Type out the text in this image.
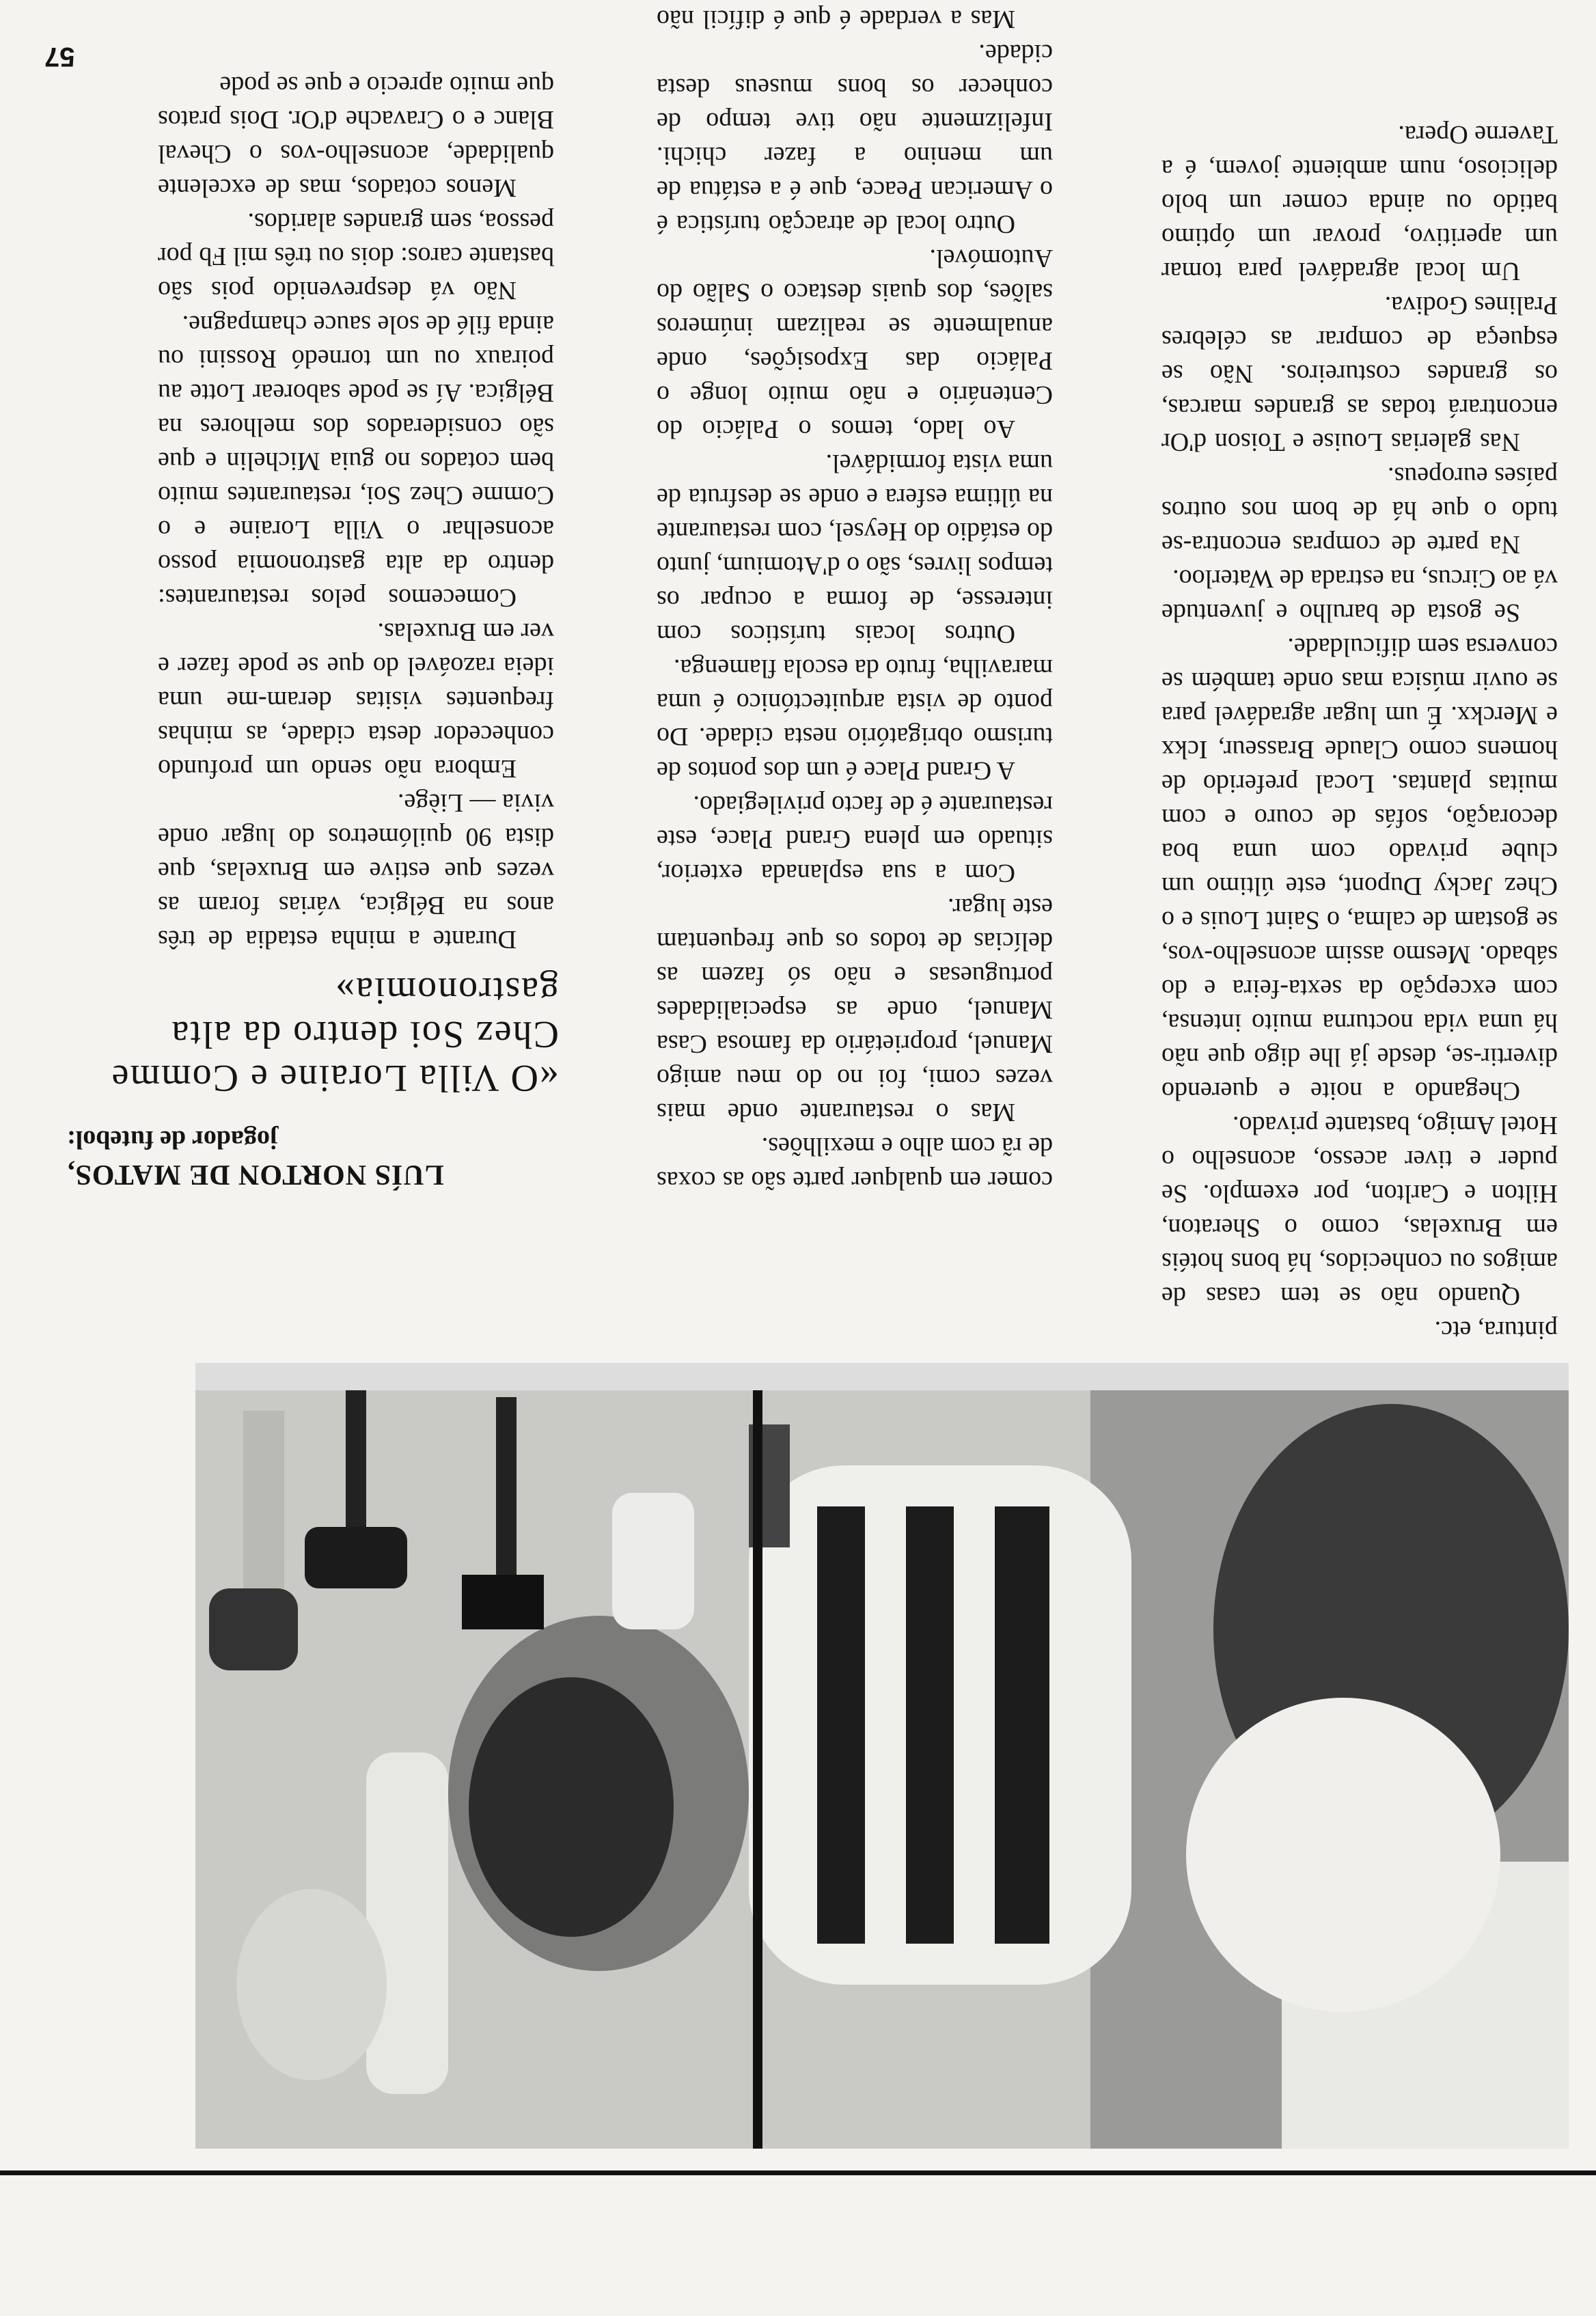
LUÍS NORTON DE MATOS,
jogador de futebol:
«O Villa Loraine e Comme Chez Soi dentro da alta gastronomia»

Durante a minha estadia de três anos na Bélgica, várias foram as vezes que estive em Bruxelas, que dista 90 quilómetros do lugar onde vivia — Liège.

Embora não sendo um profundo conhecedor desta cidade, as minhas frequentes visitas deram-me uma ideia razoável do que se pode fazer e ver em Bruxelas.

Comecemos pelos restaurantes: dentro da alta gastronomia posso aconselhar o Villa Loraine e o Comme Chez Soi, restaurantes muito bem cotados no guia Michelin e que são considerados dos melhores na Bélgica. Aí se pode saborear Lotte au poiraux ou um tornedó Rossini ou ainda filé de sole sauce champagne.

Não vá desprevenido pois são bastante caros: dois ou três mil Fb por pessoa, sem grandes alaridos.

Menos cotados, mas de excelente qualidade, aconselho-vos o Cheval Blanc e o Cravache d'Or. Dois pratos que muito aprecio e que se pode

comer em qualquer parte são as coxas de rã com alho e mexilhões.

Mas o restaurante onde mais vezes comi, foi no do meu amigo Manuel, proprietário da famosa Casa Manuel, onde as especialidades portuguesas e não só fazem as delícias de todos os que frequentam este lugar.

Com a sua esplanada exterior, situado em plena Grand Place, este restaurante é de facto privilegiado.

A Grand Place é um dos pontos de turismo obrigatório nesta cidade. Do ponto de vista arquitectónico é uma maravilha, fruto da escola flamenga.

Outros locais turísticos com interesse, de forma a ocupar os tempos livres, são o d'Atomium, junto do estádio do Heysel, com restaurante na última esfera e onde se desfruta de uma vista formidável.

Ao lado, temos o Palácio do Centenário e não muito longe o Palácio das Exposições, onde anualmente se realizam inúmeros salões, dos quais destaco o Salão do Automóvel.

Outro local de atracção turística é o American Peace, que é a estátua de um menino a fazer chichi. Infelizmente não tive tempo de conhecer os bons museus desta cidade.

Mas a verdade é que é difícil não

pintura, etc.

Quando não se tem casas de amigos ou conhecidos, há bons hotéis em Bruxelas, como o Sheraton, Hilton e Carlton, por exemplo. Se puder e tiver acesso, aconselho o Hotel Amigo, bastante privado.

Chegando a noite e querendo divertir-se, desde já lhe digo que não há uma vida nocturna muito intensa, com excepção da sexta-feira e do sábado. Mesmo assim aconselho-vos, se gostam de calma, o Saint Louis e o Chez Jacky Dupont, este último um clube privado com uma boa decoração, sofás de couro e com muitas plantas. Local preferido de homens como Claude Brasseur, Ickx e Merckx. É um lugar agradável para se ouvir música mas onde também se conversa sem dificuldade.

Se gosta de barulho e juventude vá ao Circus, na estrada de Waterloo.

Na parte de compras encontra-se tudo o que há de bom nos outros países europeus.

Nas galerias Louise e Toison d'Or encontrará todas as grandes marcas, os grandes costureiros. Não se esqueça de comprar as célebres Pralines Godiva.

Um local agradável para tomar um aperitivo, provar um óptimo batido ou ainda comer um bolo delicioso, num ambiente jovem, é a Taverne Opera.

57
